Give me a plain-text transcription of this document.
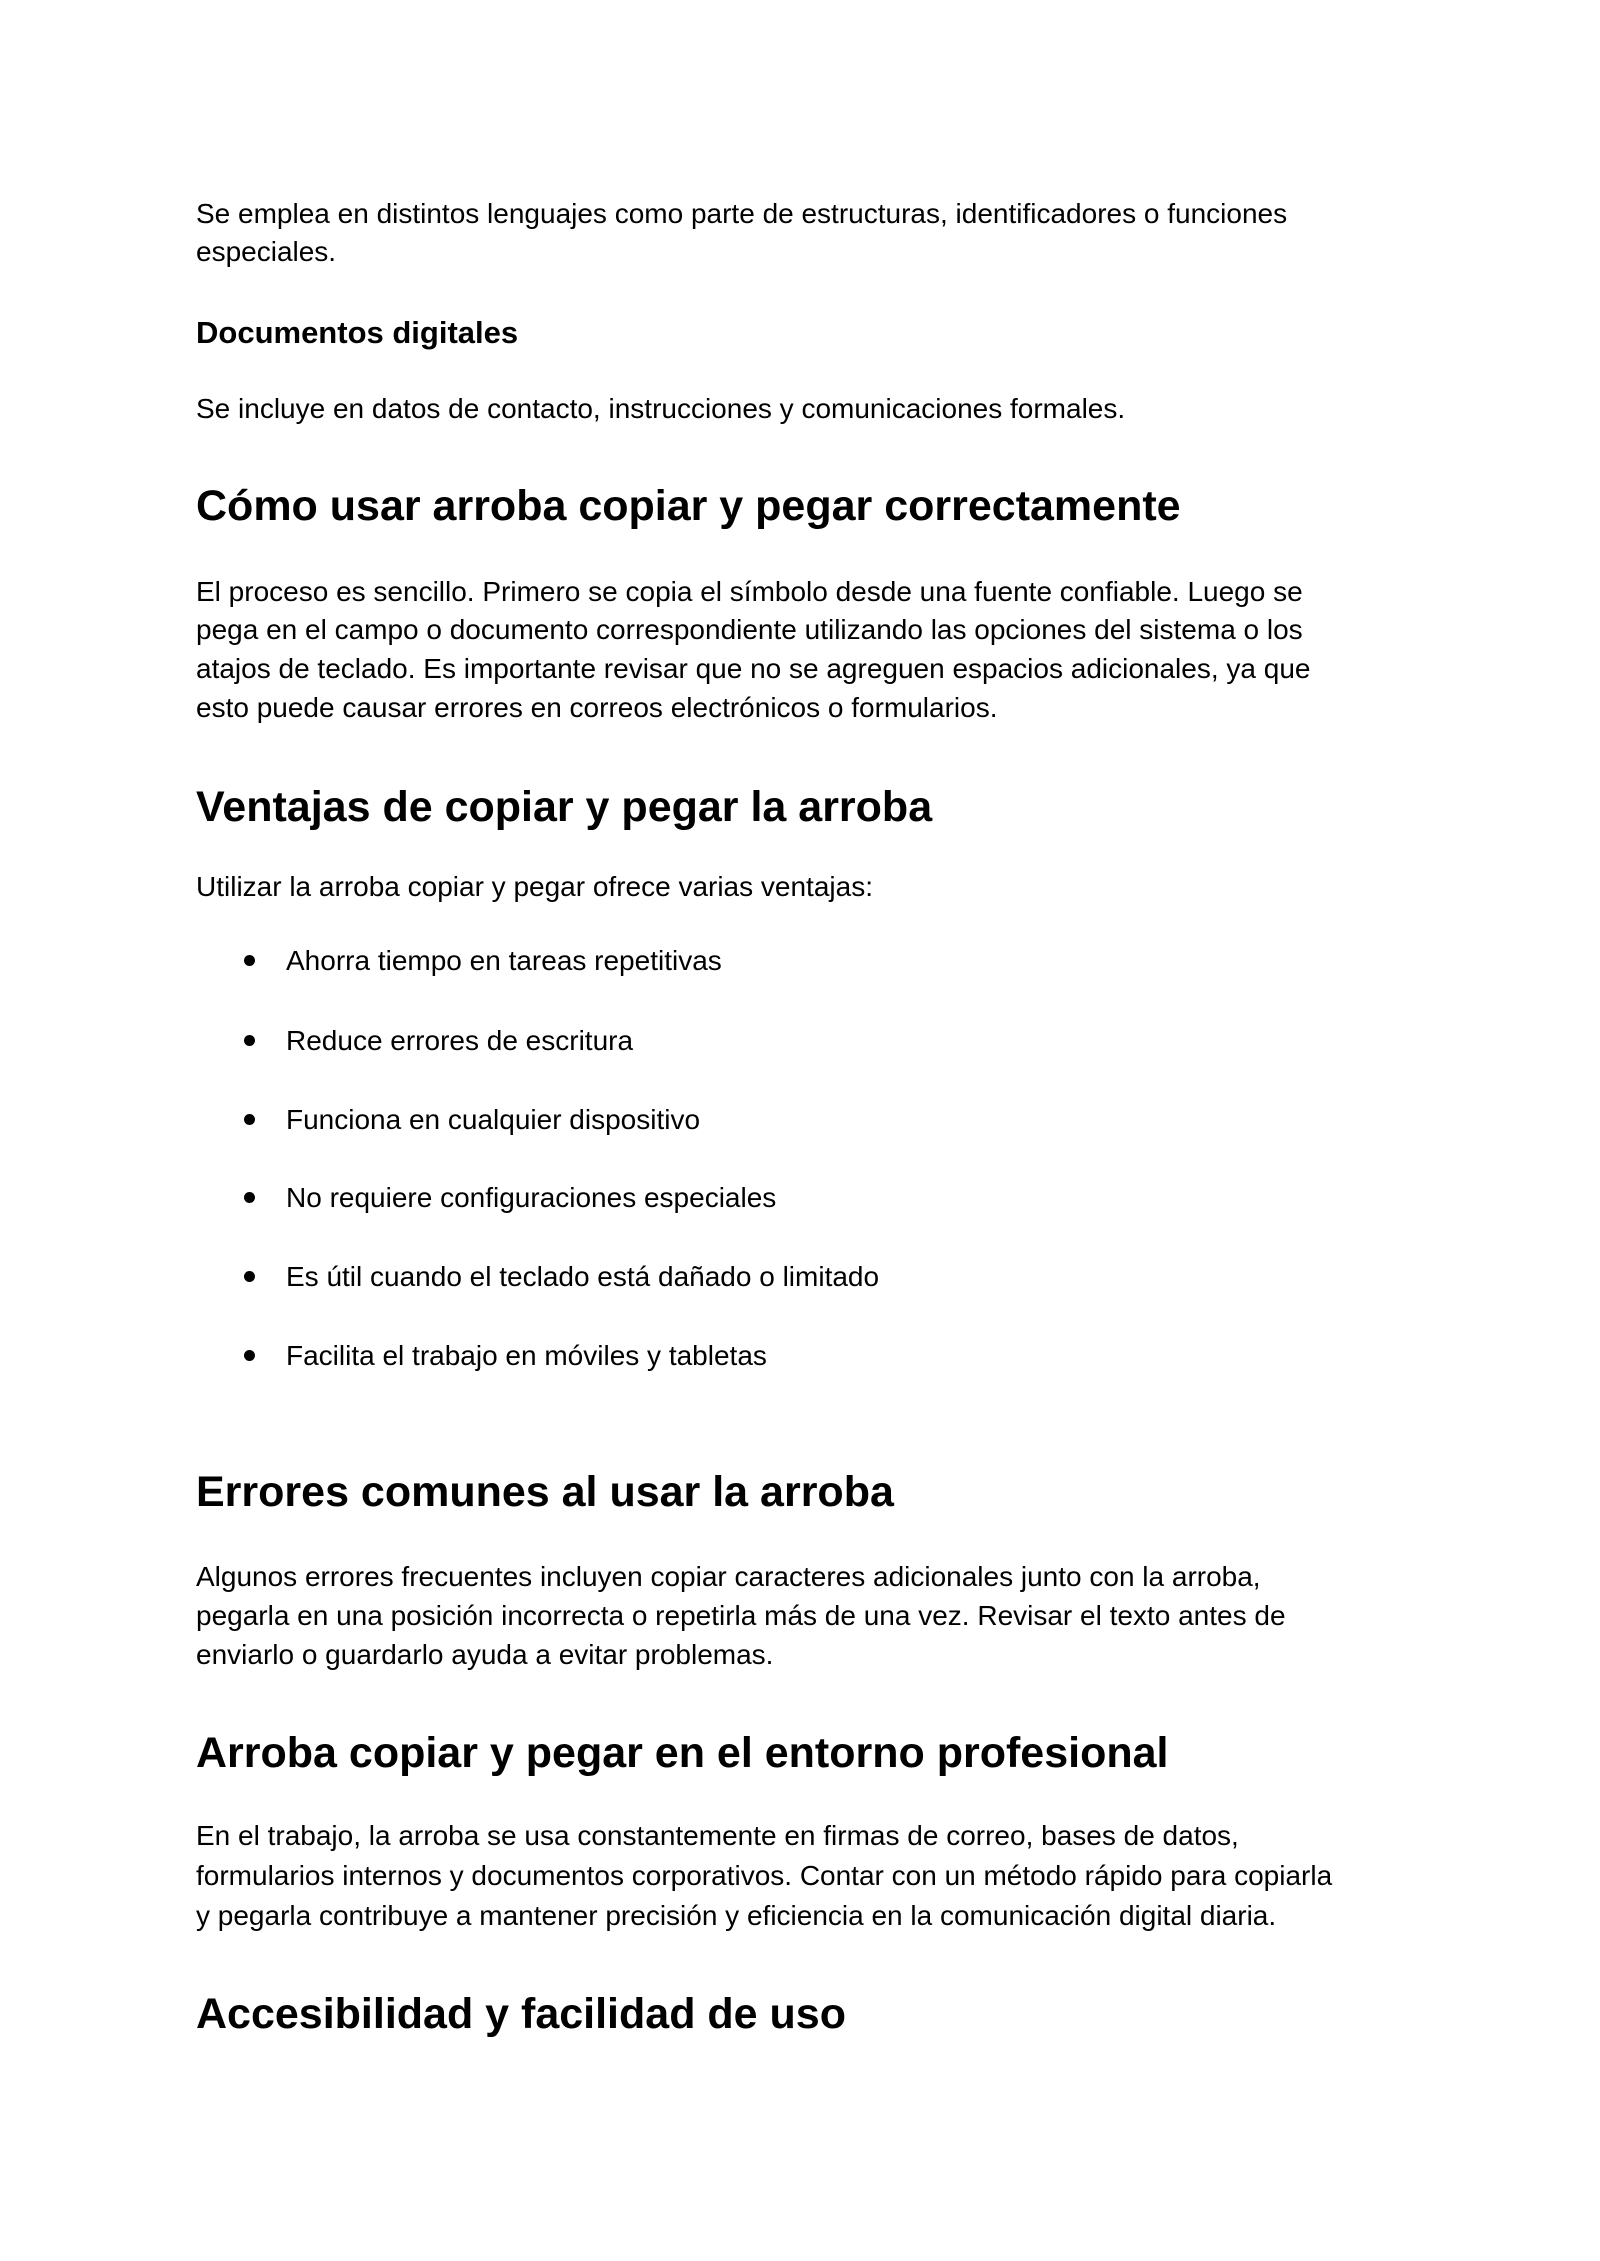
Se emplea en distintos lenguajes como parte de estructuras, identificadores o funciones
especiales.
Documentos digitales
Se incluye en datos de contacto, instrucciones y comunicaciones formales.
Cómo usar arroba copiar y pegar correctamente
El proceso es sencillo. Primero se copia el símbolo desde una fuente confiable. Luego se
pega en el campo o documento correspondiente utilizando las opciones del sistema o los
atajos de teclado. Es importante revisar que no se agreguen espacios adicionales, ya que
esto puede causar errores en correos electrónicos o formularios.
Ventajas de copiar y pegar la arroba
Utilizar la arroba copiar y pegar ofrece varias ventajas:
Ahorra tiempo en tareas repetitivas
Reduce errores de escritura
Funciona en cualquier dispositivo
No requiere configuraciones especiales
Es útil cuando el teclado está dañado o limitado
Facilita el trabajo en móviles y tabletas
Errores comunes al usar la arroba
Algunos errores frecuentes incluyen copiar caracteres adicionales junto con la arroba,
pegarla en una posición incorrecta o repetirla más de una vez. Revisar el texto antes de
enviarlo o guardarlo ayuda a evitar problemas.
Arroba copiar y pegar en el entorno profesional
En el trabajo, la arroba se usa constantemente en firmas de correo, bases de datos,
formularios internos y documentos corporativos. Contar con un método rápido para copiarla
y pegarla contribuye a mantener precisión y eficiencia en la comunicación digital diaria.
Accesibilidad y facilidad de uso
